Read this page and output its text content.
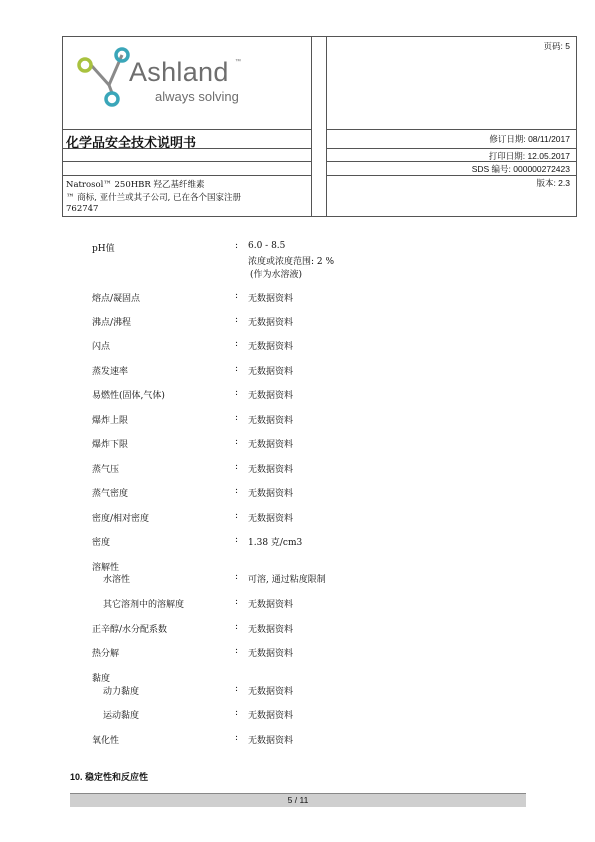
Ashland ™
always solving
页码: 5
化学品安全技术说明书	修订日期: 08/11/2017
打印日期: 12.05.2017
SDS 编号: 000000272423
版本: 2.3
Natrosol™ 250HBR 羟乙基纤维素
™ 商标, 亚什兰或其子公司, 已在各个国家注册
762747
pH值	: 6.0 - 8.5
浓度或浓度范围: 2 %
(作为水溶液)
熔点/凝固点	: 无数据资料
沸点/沸程	: 无数据资料
闪点	: 无数据资料
蒸发速率	: 无数据资料
易燃性(固体,气体)	: 无数据资料
爆炸上限	: 无数据资料
爆炸下限	: 无数据资料
蒸气压	: 无数据资料
蒸气密度	: 无数据资料
密度/相对密度	: 无数据资料
密度	: 1.38 克/cm3
溶解性
水溶性	: 可溶, 通过粘度限制
其它溶剂中的溶解度	: 无数据资料
正辛醇/水分配系数	: 无数据资料
热分解	: 无数据资料
黏度
动力黏度	: 无数据资料
运动黏度	: 无数据资料
氧化性	: 无数据资料
10. 稳定性和反应性
5 / 11
